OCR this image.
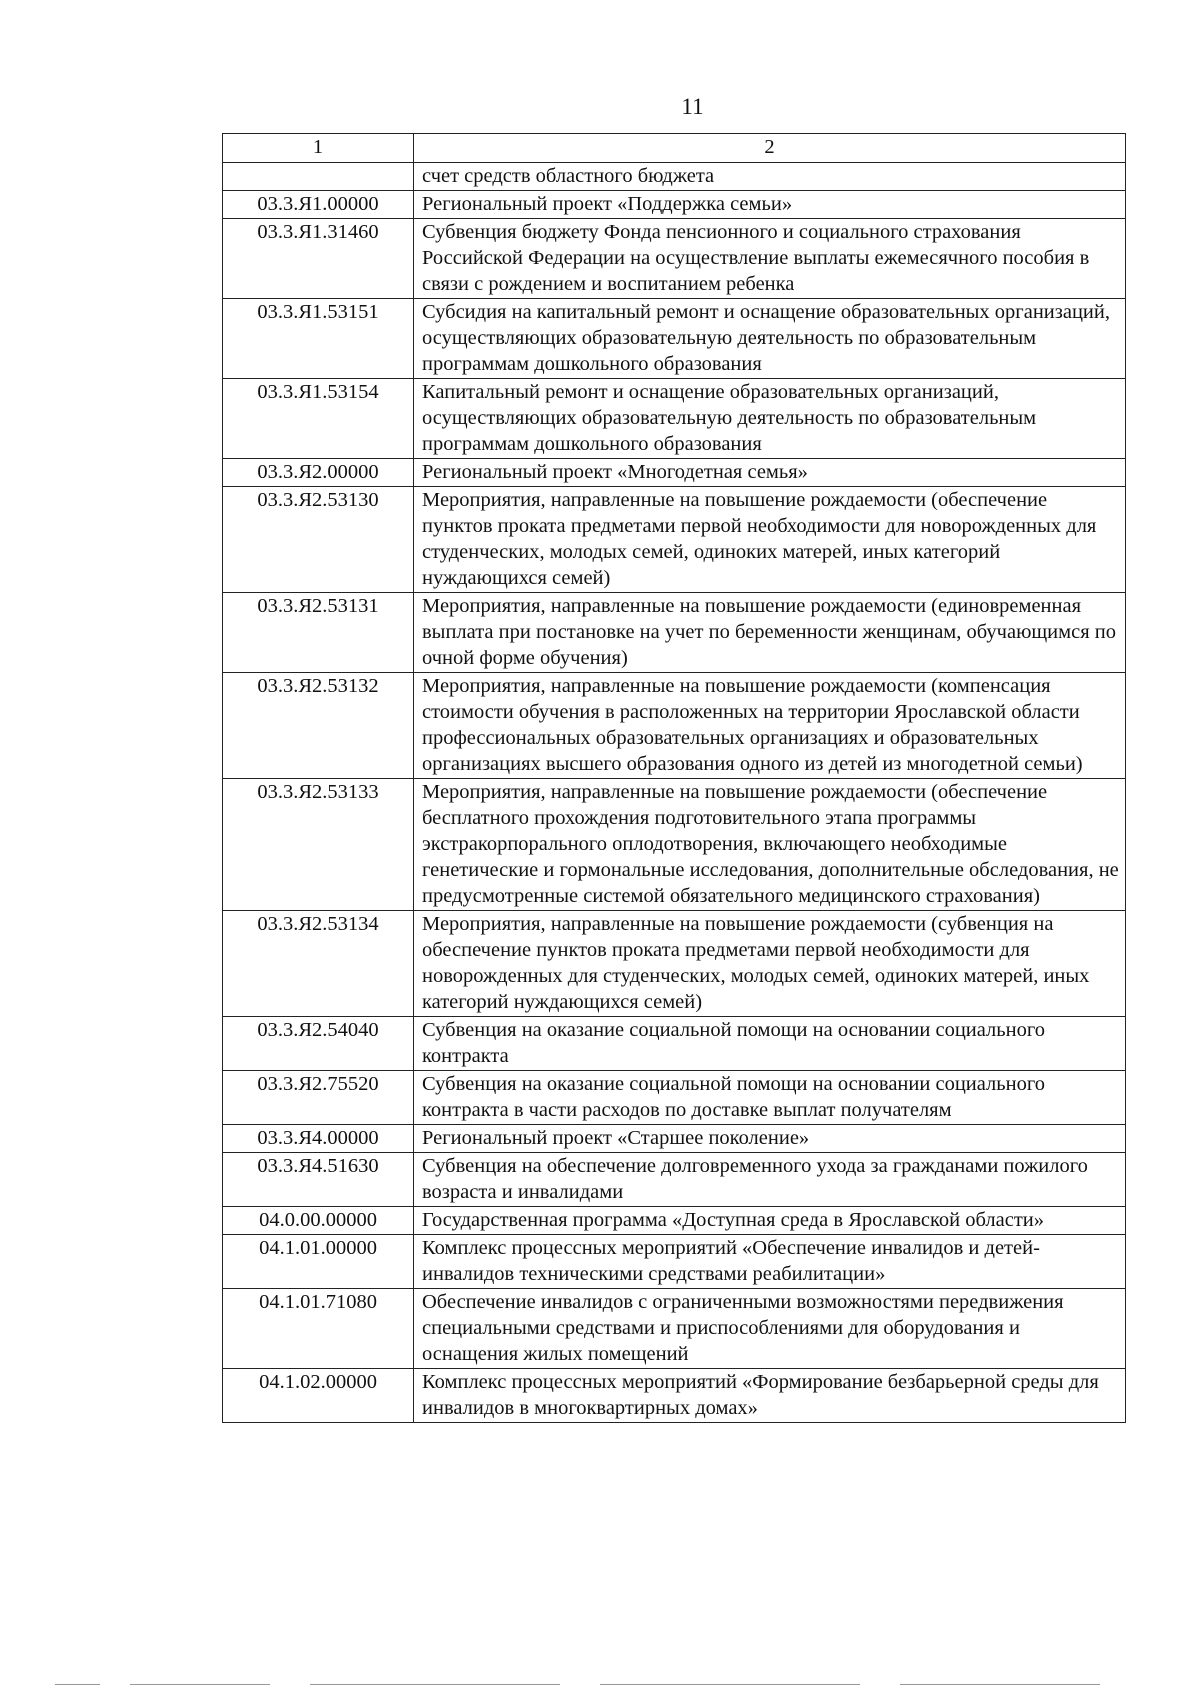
11
1	2
	счет средств областного бюджета
03.3.Я1.00000	Региональный проект «Поддержка семьи»
03.3.Я1.31460	Субвенция бюджету Фонда пенсионного и социального страхования Российской Федерации на осуществление выплаты ежемесячного пособия в связи с рождением и воспитанием ребенка
03.3.Я1.53151	Субсидия на капитальный ремонт и оснащение образовательных организаций, осуществляющих образовательную деятельность по образовательным программам дошкольного образования
03.3.Я1.53154	Капитальный ремонт и оснащение образовательных организаций, осуществляющих образовательную деятельность по образовательным программам дошкольного образования
03.3.Я2.00000	Региональный проект «Многодетная семья»
03.3.Я2.53130	Мероприятия, направленные на повышение рождаемости (обеспечение пунктов проката предметами первой необходимости для новорожденных для студенческих, молодых семей, одиноких матерей, иных категорий нуждающихся семей)
03.3.Я2.53131	Мероприятия, направленные на повышение рождаемости (единовременная выплата при постановке на учет по беременности женщинам, обучающимся по очной форме обучения)
03.3.Я2.53132	Мероприятия, направленные на повышение рождаемости (компенсация стоимости обучения в расположенных на территории Ярославской области профессиональных образовательных организациях и образовательных организациях высшего образования одного из детей из многодетной семьи)
03.3.Я2.53133	Мероприятия, направленные на повышение рождаемости (обеспечение бесплатного прохождения подготовительного этапа программы экстракорпорального оплодотворения, включающего необходимые генетические и гормональные исследования, дополнительные обследования, не предусмотренные системой обязательного медицинского страхования)
03.3.Я2.53134	Мероприятия, направленные на повышение рождаемости (субвенция на обеспечение пунктов проката предметами первой необходимости для новорожденных для студенческих, молодых семей, одиноких матерей, иных категорий нуждающихся семей)
03.3.Я2.54040	Субвенция на оказание социальной помощи на основании социального контракта
03.3.Я2.75520	Субвенция на оказание социальной помощи на основании социального контракта в части расходов по доставке выплат получателям
03.3.Я4.00000	Региональный проект «Старшее поколение»
03.3.Я4.51630	Субвенция на обеспечение долговременного ухода за гражданами пожилого возраста и инвалидами
04.0.00.00000	Государственная программа «Доступная среда в Ярославской области»
04.1.01.00000	Комплекс процессных мероприятий «Обеспечение инвалидов и детей-инвалидов техническими средствами реабилитации»
04.1.01.71080	Обеспечение инвалидов с ограниченными возможностями передвижения специальными средствами и приспособлениями для оборудования и оснащения жилых помещений
04.1.02.00000	Комплекс процессных мероприятий «Формирование безбарьерной среды для инвалидов в многоквартирных домах»
